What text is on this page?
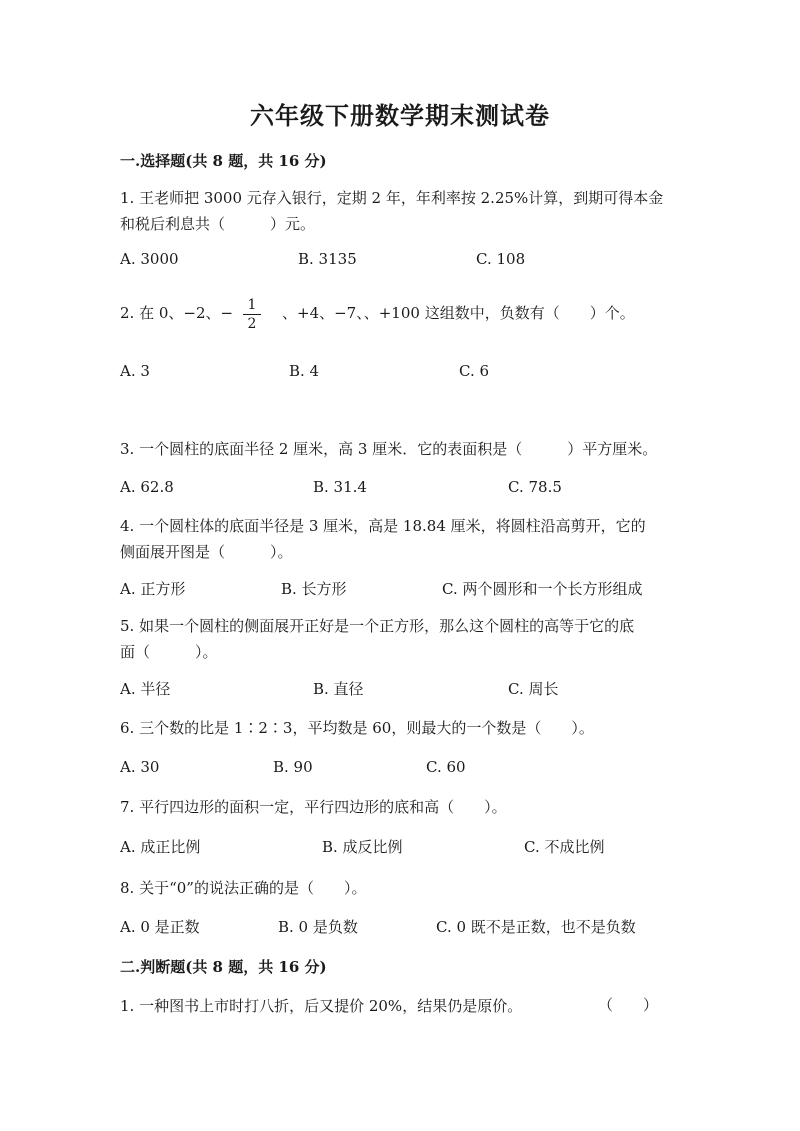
六年级下册数学期末测试卷
一.选择题(共 8 题，共 16 分)
1. 王老师把 3000 元存入银行，定期 2 年，年利率按 2.25%计算，到期可得本金
和税后利息共（　　　）元。
A. 3000	B. 3135	C. 108
2. 在 0、−2、− $\frac{1}{2}$ 、+4、−7、、+100 这组数中，负数有（　　）个。
A. 3	B. 4	C. 6
3. 一个圆柱的底面半径 2 厘米，高 3 厘米．它的表面积是（　　　）平方厘米。
A. 62.8	B. 31.4	C. 78.5
4. 一个圆柱体的底面半径是 3 厘米，高是 18.84 厘米，将圆柱沿高剪开，它的
侧面展开图是（　　　）。
A. 正方形	B. 长方形	C. 两个圆形和一个长方形组成
5. 如果一个圆柱的侧面展开正好是一个正方形，那么这个圆柱的高等于它的底
面（　　　）。
A. 半径	B. 直径	C. 周长
6. 三个数的比是 1∶2∶3，平均数是 60，则最大的一个数是（　　）。
A. 30	B. 90	C. 60
7. 平行四边形的面积一定，平行四边形的底和高（　　）。
A. 成正比例	B. 成反比例	C. 不成比例
8. 关于“0”的说法正确的是（　　）。
A. 0 是正数	B. 0 是负数	C. 0 既不是正数，也不是负数
二.判断题(共 8 题，共 16 分)
1. 一种图书上市时打八折，后又提价 20%，结果仍是原价。	（　　）
